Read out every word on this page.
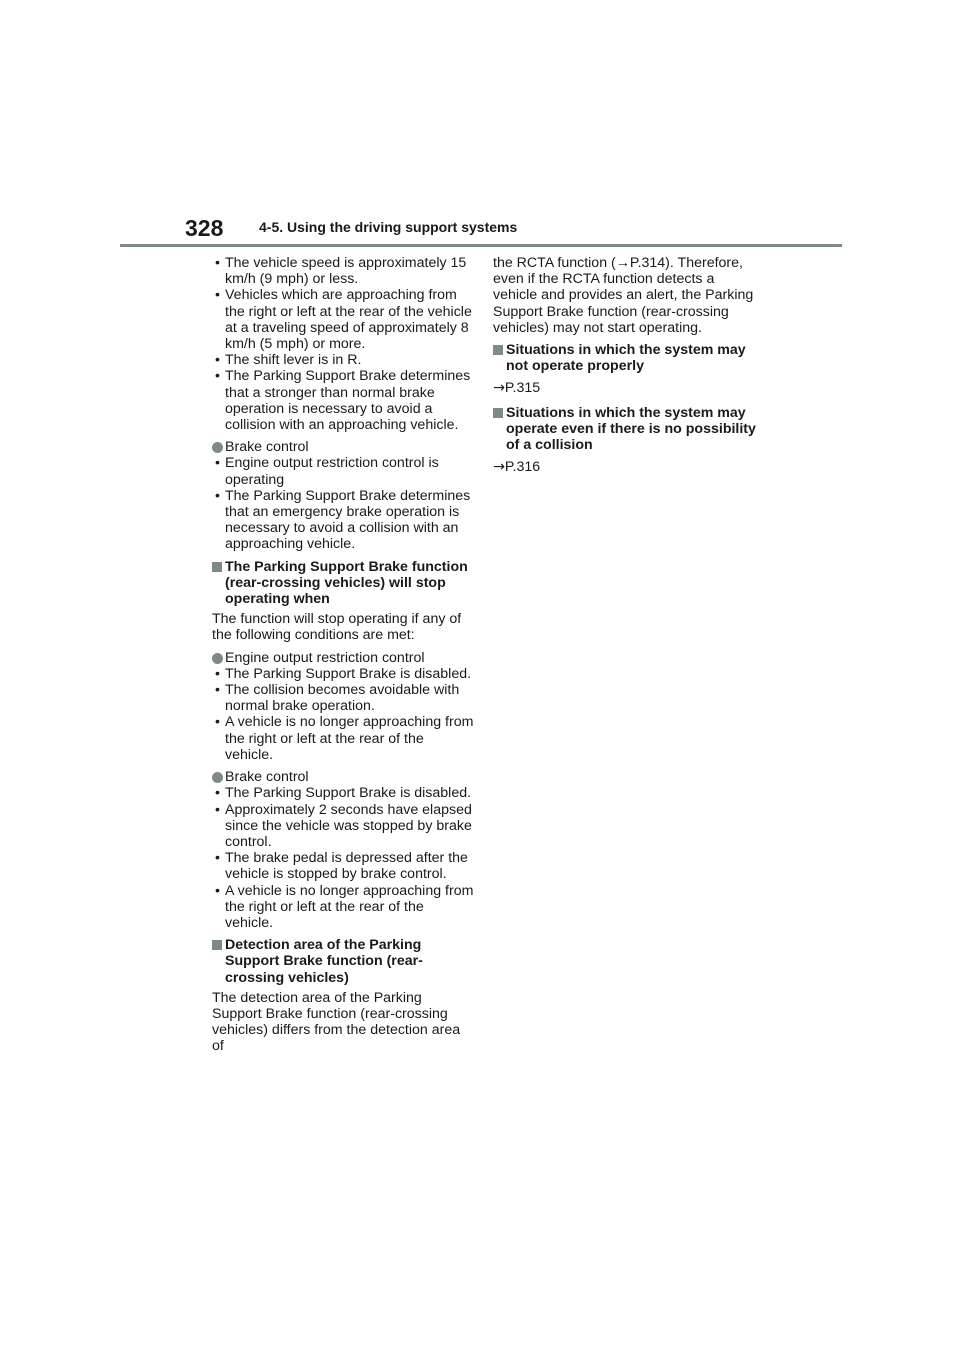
328	4-5. Using the driving support systems
• The vehicle speed is approximately 15 km/h (9 mph) or less.
• Vehicles which are approaching from the right or left at the rear of the vehicle at a traveling speed of approximately 8 km/h (5 mph) or more.
• The shift lever is in R.
• The Parking Support Brake determines that a stronger than normal brake operation is necessary to avoid a collision with an approaching vehicle.
Brake control
• Engine output restriction control is operating
• The Parking Support Brake determines that an emergency brake operation is necessary to avoid a collision with an approaching vehicle.
The Parking Support Brake function (rear-crossing vehicles) will stop operating when

The function will stop operating if any of the following conditions are met:

Engine output restriction control
• The Parking Support Brake is disabled.
• The collision becomes avoidable with normal brake operation.
• A vehicle is no longer approaching from the right or left at the rear of the vehicle.
Brake control
• The Parking Support Brake is disabled.
• Approximately 2 seconds have elapsed since the vehicle was stopped by brake control.
• The brake pedal is depressed after the vehicle is stopped by brake control.
• A vehicle is no longer approaching from the right or left at the rear of the vehicle.
Detection area of the Parking Support Brake function (rear-crossing vehicles)

The detection area of the Parking Support Brake function (rear-crossing vehicles) differs from the detection area of

the RCTA function (→P.314). Therefore, even if the RCTA function detects a vehicle and provides an alert, the Parking Support Brake function (rear-crossing vehicles) may not start operating.

Situations in which the system may not operate properly
→P.315
Situations in which the system may operate even if there is no possibility of a collision
→P.316
